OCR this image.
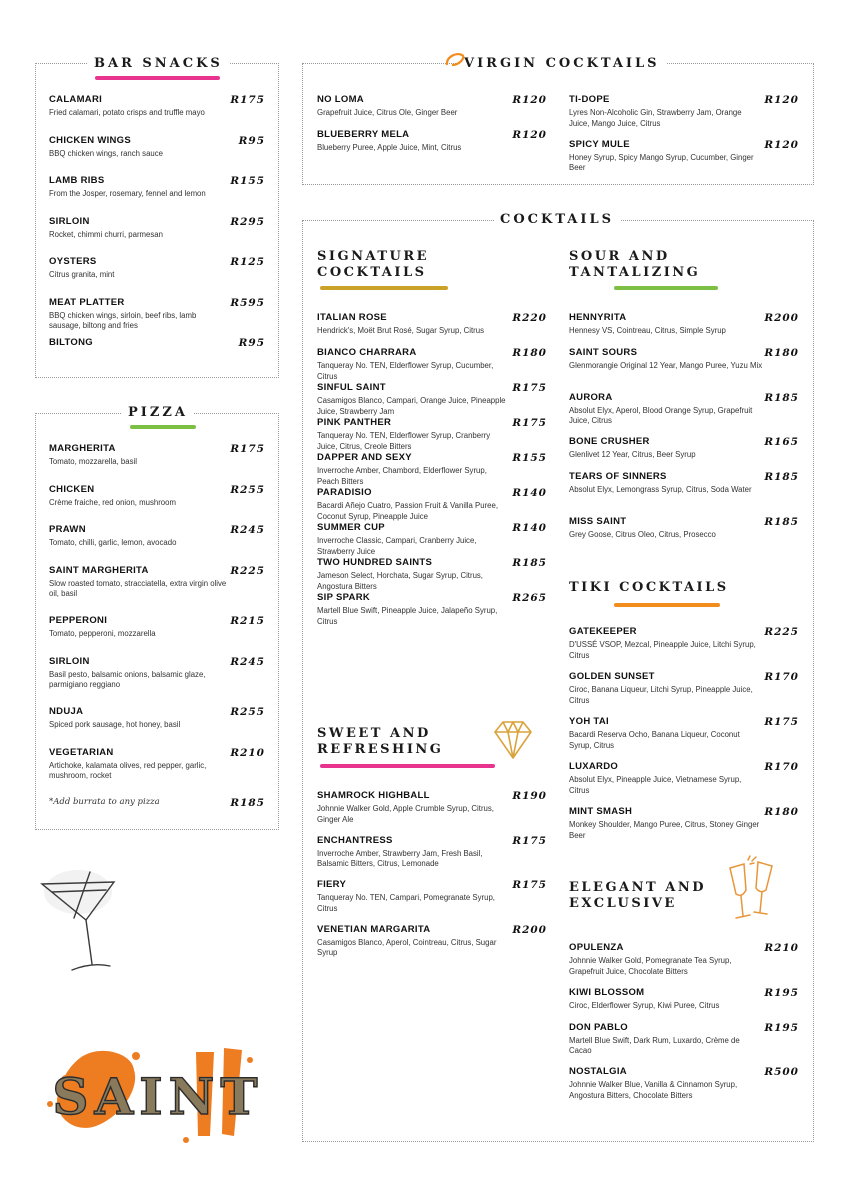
BAR SNACKS
CALAMARI
Fried calamari, potato crisps and truffle mayo
R175
CHICKEN WINGS
BBQ chicken wings, ranch sauce
R95
LAMB RIBS
From the Josper, rosemary, fennel and lemon
R155
SIRLOIN
Rocket, chimmi churri, parmesan
R295
OYSTERS
Citrus granita, mint
R125
MEAT PLATTER
BBQ chicken wings, sirloin, beef ribs, lamb sausage, biltong and fries
R595
BILTONG	R95
PIZZA
MARGHERITA
Tomato, mozzarella, basil
R175
CHICKEN
Crème fraiche, red onion, mushroom
R255
PRAWN
Tomato, chilli, garlic, lemon, avocado
R245
SAINT MARGHERITA
Slow roasted tomato, stracciatella, extra virgin olive oil, basil
R225
PEPPERONI
Tomato, pepperoni, mozzarella
R215
SIRLOIN
Basil pesto, balsamic onions, balsamic glaze, parmigiano reggiano
R245
NDUJA
Spiced pork sausage, hot honey, basil
R255
VEGETARIAN
Artichoke, kalamata olives, red pepper, garlic, mushroom, rocket
R210
*Add burrata to any pizza	R185
VIRGIN COCKTAILS
NO LOMA
Grapefruit Juice, Citrus Ole, Ginger Beer
R120
BLUEBERRY MELA
Blueberry Puree, Apple Juice, Mint, Citrus
R120
TI-DOPE
Lyres Non-Alcoholic Gin, Strawberry Jam, Orange Juice, Mango Juice, Citrus
R120
SPICY MULE
Honey Syrup, Spicy Mango Syrup, Cucumber, Ginger Beer
R120
COCKTAILS
SIGNATURE
COCKTAILS
ITALIAN ROSE
Hendrick's, Moët Brut Rosé, Sugar Syrup, Citrus
R220
BIANCO CHARRARA
Tanqueray No. TEN, Elderflower Syrup, Cucumber, Citrus
R180
SINFUL SAINT
Casamigos Blanco, Campari, Orange Juice, Pineapple Juice, Strawberry Jam
R175
PINK PANTHER
Tanqueray No. TEN, Elderflower Syrup, Cranberry Juice, Citrus, Creole Bitters
R175
DAPPER AND SEXY
Inverroche Amber, Chambord, Elderflower Syrup, Peach Bitters
R155
PARADISIO
Bacardi Añejo Cuatro, Passion Fruit & Vanilla Puree, Coconut Syrup, Pineapple Juice
R140
SUMMER CUP
Inverroche Classic, Campari, Cranberry Juice, Strawberry Juice
R140
TWO HUNDRED SAINTS
Jameson Select, Horchata, Sugar Syrup, Citrus, Angostura Bitters
R185
SIP SPARK
Martell Blue Swift, Pineapple Juice, Jalapeño Syrup, Citrus
R265
SWEET AND
REFRESHING
SHAMROCK HIGHBALL
Johnnie Walker Gold, Apple Crumble Syrup, Citrus, Ginger Ale
R190
ENCHANTRESS
Inverroche Amber, Strawberry Jam, Fresh Basil, Balsamic Bitters, Citrus, Lemonade
R175
FIERY
Tanqueray No. TEN, Campari, Pomegranate Syrup, Citrus
R175
VENETIAN MARGARITA
Casamigos Blanco, Aperol, Cointreau, Citrus, Sugar Syrup
R200
SOUR AND
TANTALIZING
HENNYRITA
Hennesy VS, Cointreau, Citrus, Simple Syrup
R200
SAINT SOURS
Glenmorangie Original 12 Year, Mango Puree, Yuzu Mix
R180
AURORA
Absolut Elyx, Aperol, Blood Orange Syrup, Grapefruit Juice, Citrus
R185
BONE CRUSHER
Glenlivet 12 Year, Citrus, Beer Syrup
R165
TEARS OF SINNERS
Absolut Elyx, Lemongrass Syrup, Citrus, Soda Water
R185
MISS SAINT
Grey Goose, Citrus Oleo, Citrus, Prosecco
R185
TIKI COCKTAILS
GATEKEEPER
D'USSÉ VSOP, Mezcal, Pineapple Juice, Litchi Syrup, Citrus
R225
GOLDEN SUNSET
Ciroc, Banana Liqueur, Litchi Syrup, Pineapple Juice, Citrus
R170
YOH TAI
Bacardi Reserva Ocho, Banana Liqueur, Coconut Syrup, Citrus
R175
LUXARDO
Absolut Elyx, Pineapple Juice, Vietnamese Syrup, Citrus
R170
MINT SMASH
Monkey Shoulder, Mango Puree, Citrus, Stoney Ginger Beer
R180
ELEGANT AND
EXCLUSIVE
OPULENZA
Johnnie Walker Gold, Pomegranate Tea Syrup, Grapefruit Juice, Chocolate Bitters
R210
KIWI BLOSSOM
Ciroc, Elderflower Syrup, Kiwi Puree, Citrus
R195
DON PABLO
Martell Blue Swift, Dark Rum, Luxardo, Crème de Cacao
R195
NOSTALGIA
Johnnie Walker Blue, Vanilla & Cinnamon Syrup, Angostura Bitters, Chocolate Bitters
R500
SAINT
